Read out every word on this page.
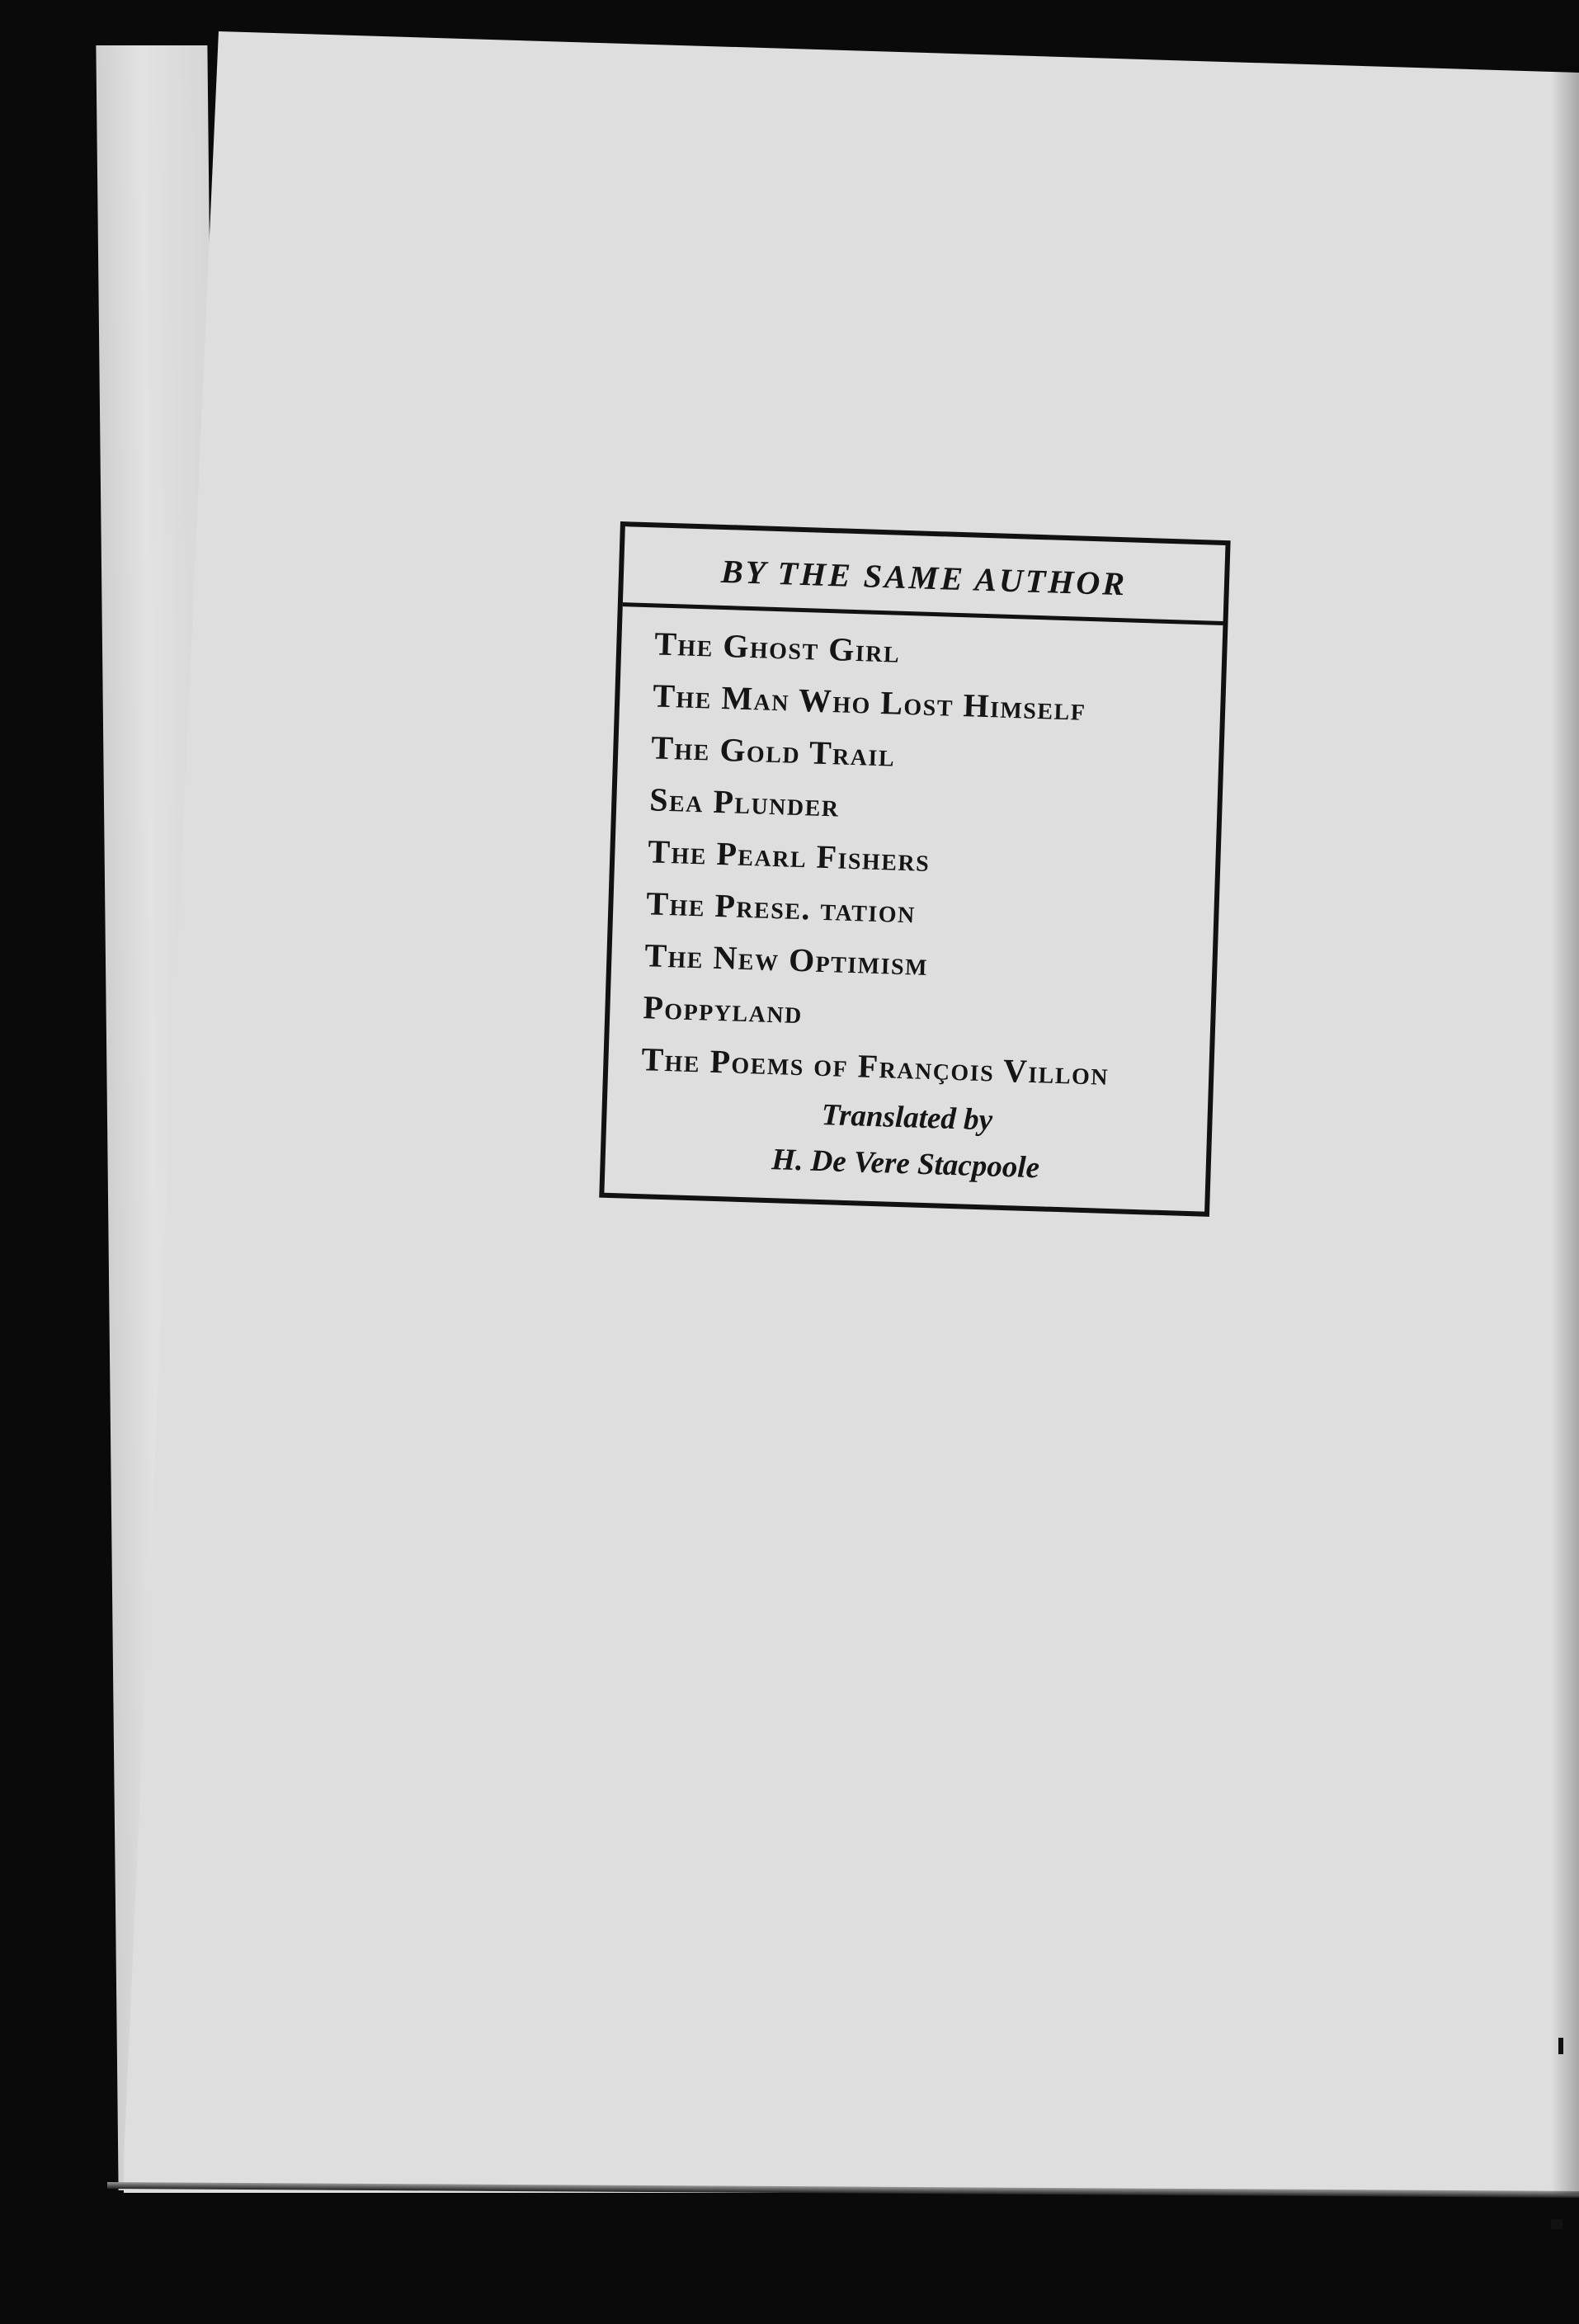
BY THE SAME AUTHOR
The Ghost Girl
The Man Who Lost Himself
The Gold Trail
Sea Plunder
The Pearl Fishers
The Prese. tation
The New Optimism
Poppyland
The Poems of François Villon
Translated by
H. De Vere Stacpoole
